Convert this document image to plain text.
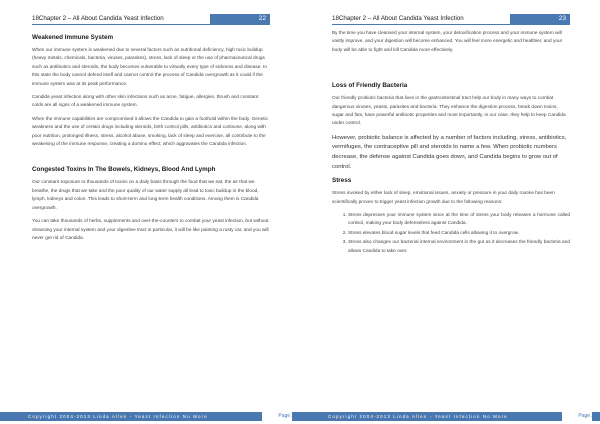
18Chapter 2 – All About Candida Yeast Infection	22
Weakened Immune System

When our immune system is weakened due to several factors such as nutritional deficiency, high toxic buildup (heavy metals, chemicals, bacteria, viruses, parasites), stress, lack of sleep or the use of pharmaceutical drugs such as antibiotics and steroids, the body becomes vulnerable to virtually every type of sickness and disease. In this state the body cannot defend itself and cannot control the process of Candida overgrowth as it could if the immune system was at its peak performance.

Candida yeast infection along with other skin infections such as acne, fatigue, allergies, thrush and constant colds are all signs of a weakened immune system.

When the immune capabilities are compromised it allows the Candida to gain a foothold within the body. Genetic weakness and the use of certain drugs including steroids, birth control pills, antibiotics and cortisone, along with poor nutrition, prolonged illness, stress, alcohol abuse, smoking, lack of sleep and exercise, all contribute to the weakening of the immune response, creating a domino effect; which aggravates the Candida infection.

Congested Toxins In The Bowels, Kidneys, Blood And Lymph

Our constant exposure to thousands of toxins on a daily basis through the food that we eat, the air that we breathe, the drugs that we take and the poor quality of our water supply all lead to toxic buildup in the blood, lymph, kidneys and colon. This leads to short-term and long-term health conditions. Among them is Candida overgrowth.

You can take thousands of herbs, supplements and over-the-counters to combat your yeast infection, but without cleansing your internal system and your digestive tract in particular, it will be like painting a rusty car, and you will never get rid of Candida.

Copyright 2004-2013 Linda Allen - Yeast Infection No More	Page 22
18Chapter 2 – All About Candida Yeast Infection	23

By the time you have cleansed your internal system, your detoxification process and your immune system will vastly improve, and your digestion will become enhanced. You will feel more energetic and healthier, and your body will be able to fight and kill Candida more effectively.

Loss of Friendly Bacteria

Our friendly probiotic bacteria that lives in the gastrointestinal tract help our body in many ways to combat dangerous viruses, yeasts, parasites and bacteria. They enhance the digestion process, break down toxins, sugar and fats, have powerful antibiotic properties and most importantly, in our case, they help to keep Candida under control.

However, probiotic balance is affected by a number of factors including, stress, antibiotics, vermifuges, the contraceptive pill and steroids to name a few. When probiotic numbers decrease, the defense against Candida goes down, and Candida begins to grow out of control.

Stress

Stress invoked by either lack of sleep, emotional issues, anxiety or pressure in your daily routine has been scientifically proven to trigger yeast infection growth due to the following reasons:

1. Stress depresses your immune system since at the time of stress your body releases a hormone called cortisol, making your body defenseless against Candida.
2. Stress elevates blood sugar levels that feed Candida cells allowing it to overgrow.
3. Stress also changes our bacterial internal environment in the gut as it decreases the friendly bacteria and allows Candida to take over.
Copyright 2004-2013 Linda Allen - Yeast Infection No More	Page 23
